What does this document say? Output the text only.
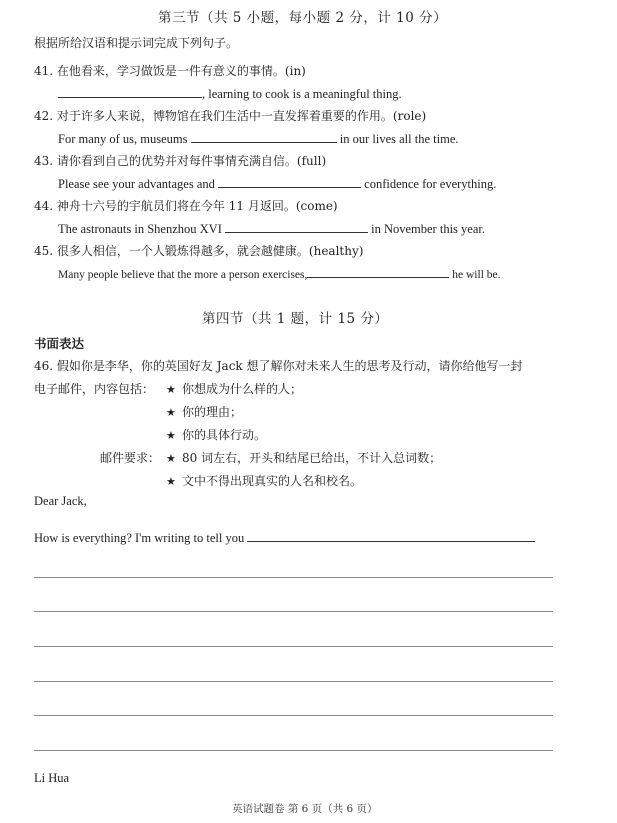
第三节（共 5 小题，每小题 2 分，计 10 分）
根据所给汉语和提示词完成下列句子。
41. 在他看来，学习做饭是一件有意义的事情。(in)
, learning to cook is a meaningful thing.
42. 对于许多人来说，博物馆在我们生活中一直发挥着重要的作用。(role)
For many of us, museums	in our lives all the time.
43. 请你看到自己的优势并对每件事情充满自信。(full)
Please see your advantages and	confidence for everything.
44. 神舟十六号的宇航员们将在今年 11 月返回。(come)
The astronauts in Shenzhou XVI	in November this year.
45. 很多人相信，一个人锻炼得越多，就会越健康。(healthy)
Many people believe that the more a person exercises,	he will be.
第四节（共 1 题，计 15 分）
书面表达
46. 假如你是李华，你的英国好友 Jack 想了解你对未来人生的思考及行动，请你给他写一封
电子邮件，内容包括： ★ 你想成为什么样的人；
★ 你的理由；
★ 你的具体行动。
邮件要求： ★ 80 词左右，开头和结尾已给出，不计入总词数；
★ 文中不得出现真实的人名和校名。
Dear Jack,
How is everything? I'm writing to tell you
Li Hua
英语试题卷 第 6 页（共 6 页）
